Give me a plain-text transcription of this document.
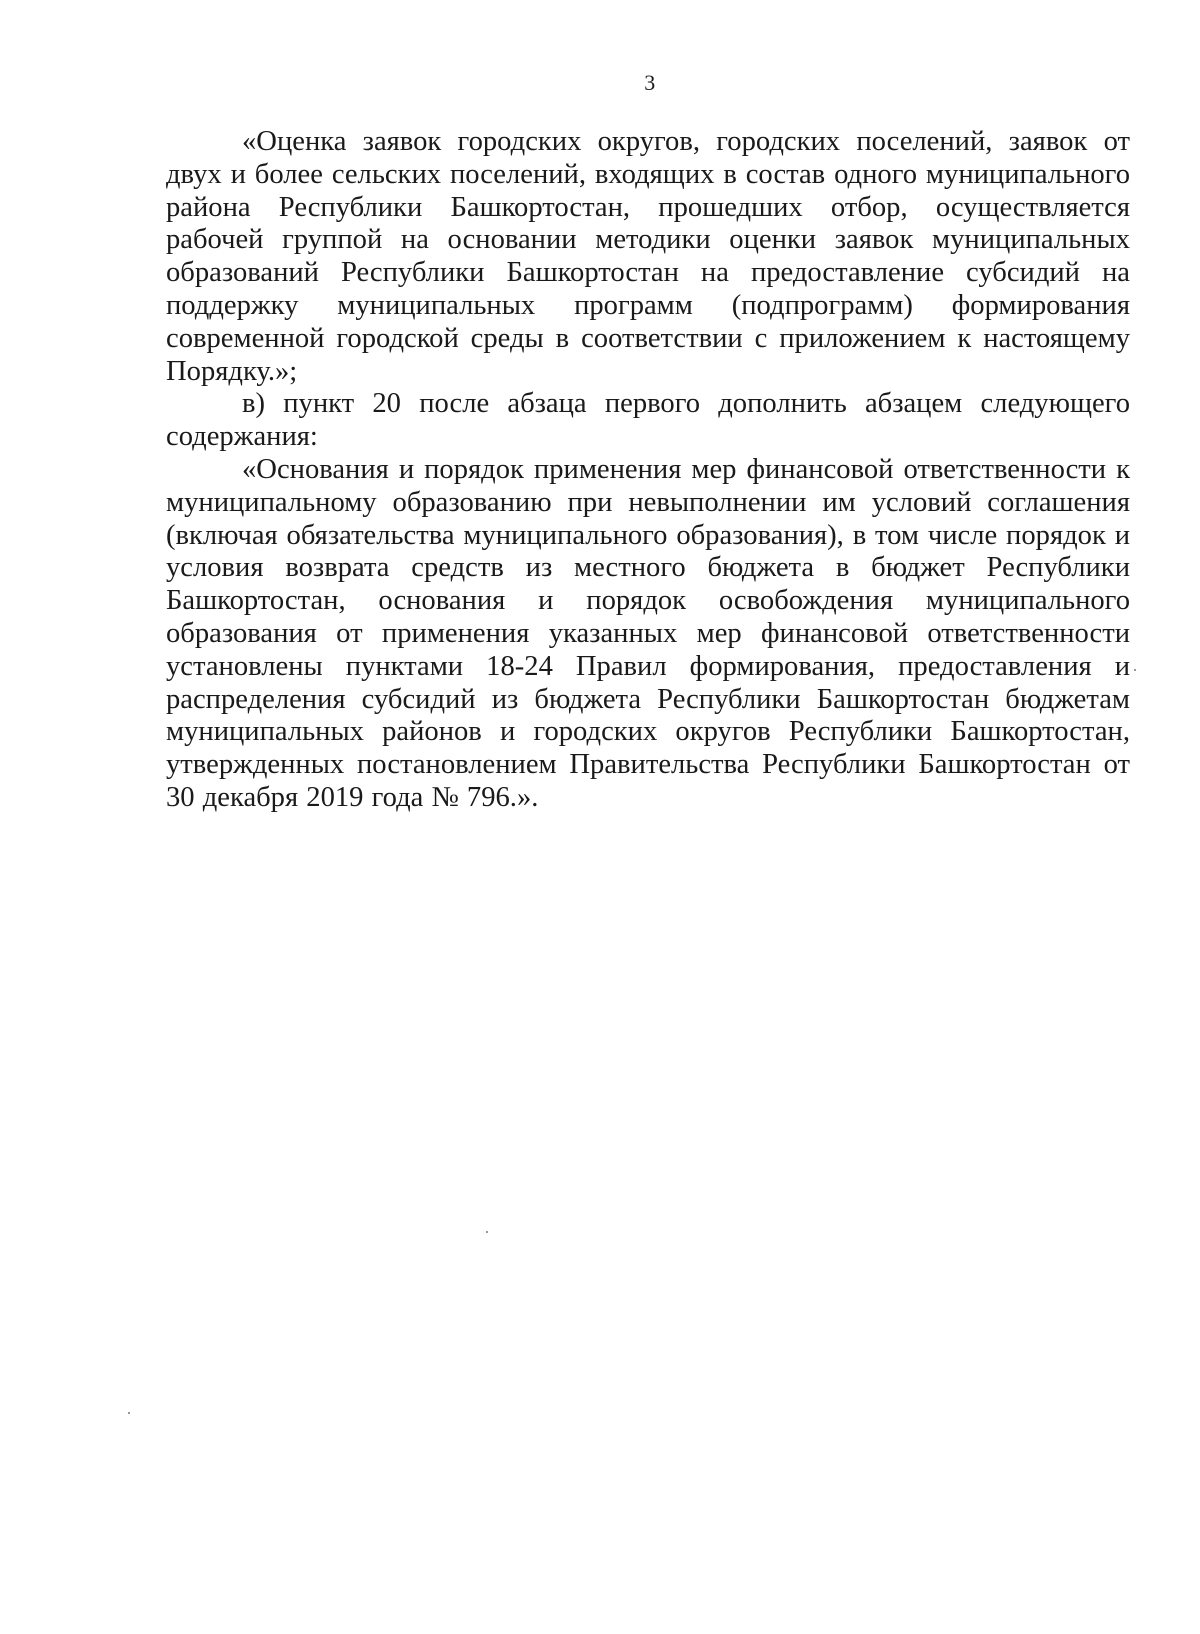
3

«Оценка заявок городских округов, городских поселений, заявок от двух и более сельских поселений, входящих в состав одного муниципального района Республики Башкортостан, прошедших отбор, осуществляется рабочей группой на основании методики оценки заявок муниципальных образований Республики Башкортостан на предоставление субсидий на поддержку муниципальных программ (подпрограмм) формирования современной городской среды в соответствии с приложением к настоящему Порядку.»;

в) пункт 20 после абзаца первого дополнить абзацем следующего содержания:

«Основания и порядок применения мер финансовой ответственности к муниципальному образованию при невыполнении им условий соглашения (включая обязательства муниципального образования), в том числе порядок и условия возврата средств из местного бюджета в бюджет Республики Башкортостан, основания и порядок освобождения муниципального образования от применения указанных мер финансовой ответственности установлены пунктами 18-24 Правил формирования, предоставления и распределения субсидий из бюджета Республики Башкортостан бюджетам муниципальных районов и городских округов Республики Башкортостан, утвержденных постановлением Правительства Республики Башкортостан от 30 декабря 2019 года № 796.».
